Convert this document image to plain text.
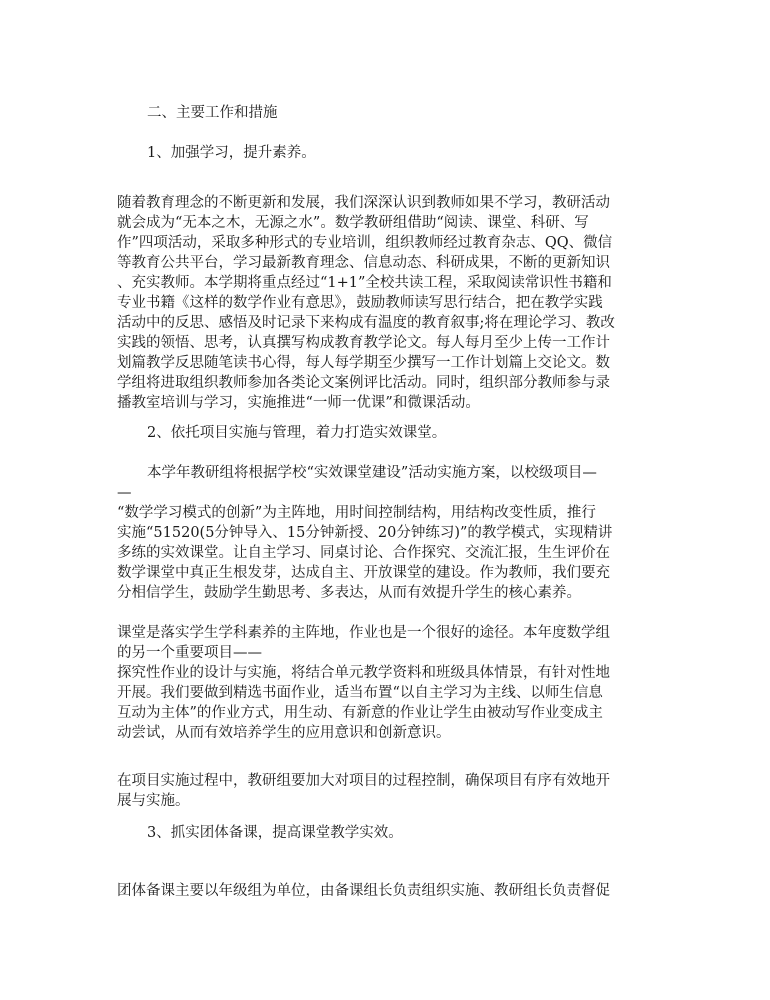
二、主要工作和措施
1、加强学习，提升素养。
随着教育理念的不断更新和发展，我们深深认识到教师如果不学习，教研活动
就会成为“无本之木，无源之水”。数学教研组借助“阅读、课堂、科研、写
作”四项活动，采取多种形式的专业培训，组织教师经过教育杂志、QQ、微信
等教育公共平台，学习最新教育理念、信息动态、科研成果，不断的更新知识
、充实教师。本学期将重点经过“1+1”全校共读工程，采取阅读常识性书籍和
专业书籍《这样的数学作业有意思》，鼓励教师读写思行结合，把在教学实践
活动中的反思、感悟及时记录下来构成有温度的教育叙事;将在理论学习、教改
实践的领悟、思考，认真撰写构成教育教学论文。每人每月至少上传一工作计
划篇教学反思随笔读书心得，每人每学期至少撰写一工作计划篇上交论文。数
学组将进取组织教师参加各类论文案例评比活动。同时，组织部分教师参与录
播教室培训与学习，实施推进“一师一优课”和微课活动。
2、依托项目实施与管理，着力打造实效课堂。
本学年教研组将根据学校“实效课堂建设”活动实施方案，以校级项目—
—
“数学学习模式的创新”为主阵地，用时间控制结构，用结构改变性质，推行
实施“51520(5分钟导入、15分钟新授、20分钟练习)”的教学模式，实现精讲
多练的实效课堂。让自主学习、同桌讨论、合作探究、交流汇报，生生评价在
数学课堂中真正生根发芽，达成自主、开放课堂的建设。作为教师，我们要充
分相信学生，鼓励学生勤思考、多表达，从而有效提升学生的核心素养。
课堂是落实学生学科素养的主阵地，作业也是一个很好的途径。本年度数学组
的另一个重要项目——
探究性作业的设计与实施，将结合单元教学资料和班级具体情景，有针对性地
开展。我们要做到精选书面作业，适当布置“以自主学习为主线、以师生信息
互动为主体”的作业方式，用生动、有新意的作业让学生由被动写作业变成主
动尝试，从而有效培养学生的应用意识和创新意识。
在项目实施过程中，教研组要加大对项目的过程控制，确保项目有序有效地开
展与实施。
3、抓实团体备课，提高课堂教学实效。
团体备课主要以年级组为单位，由备课组长负责组织实施、教研组长负责督促
